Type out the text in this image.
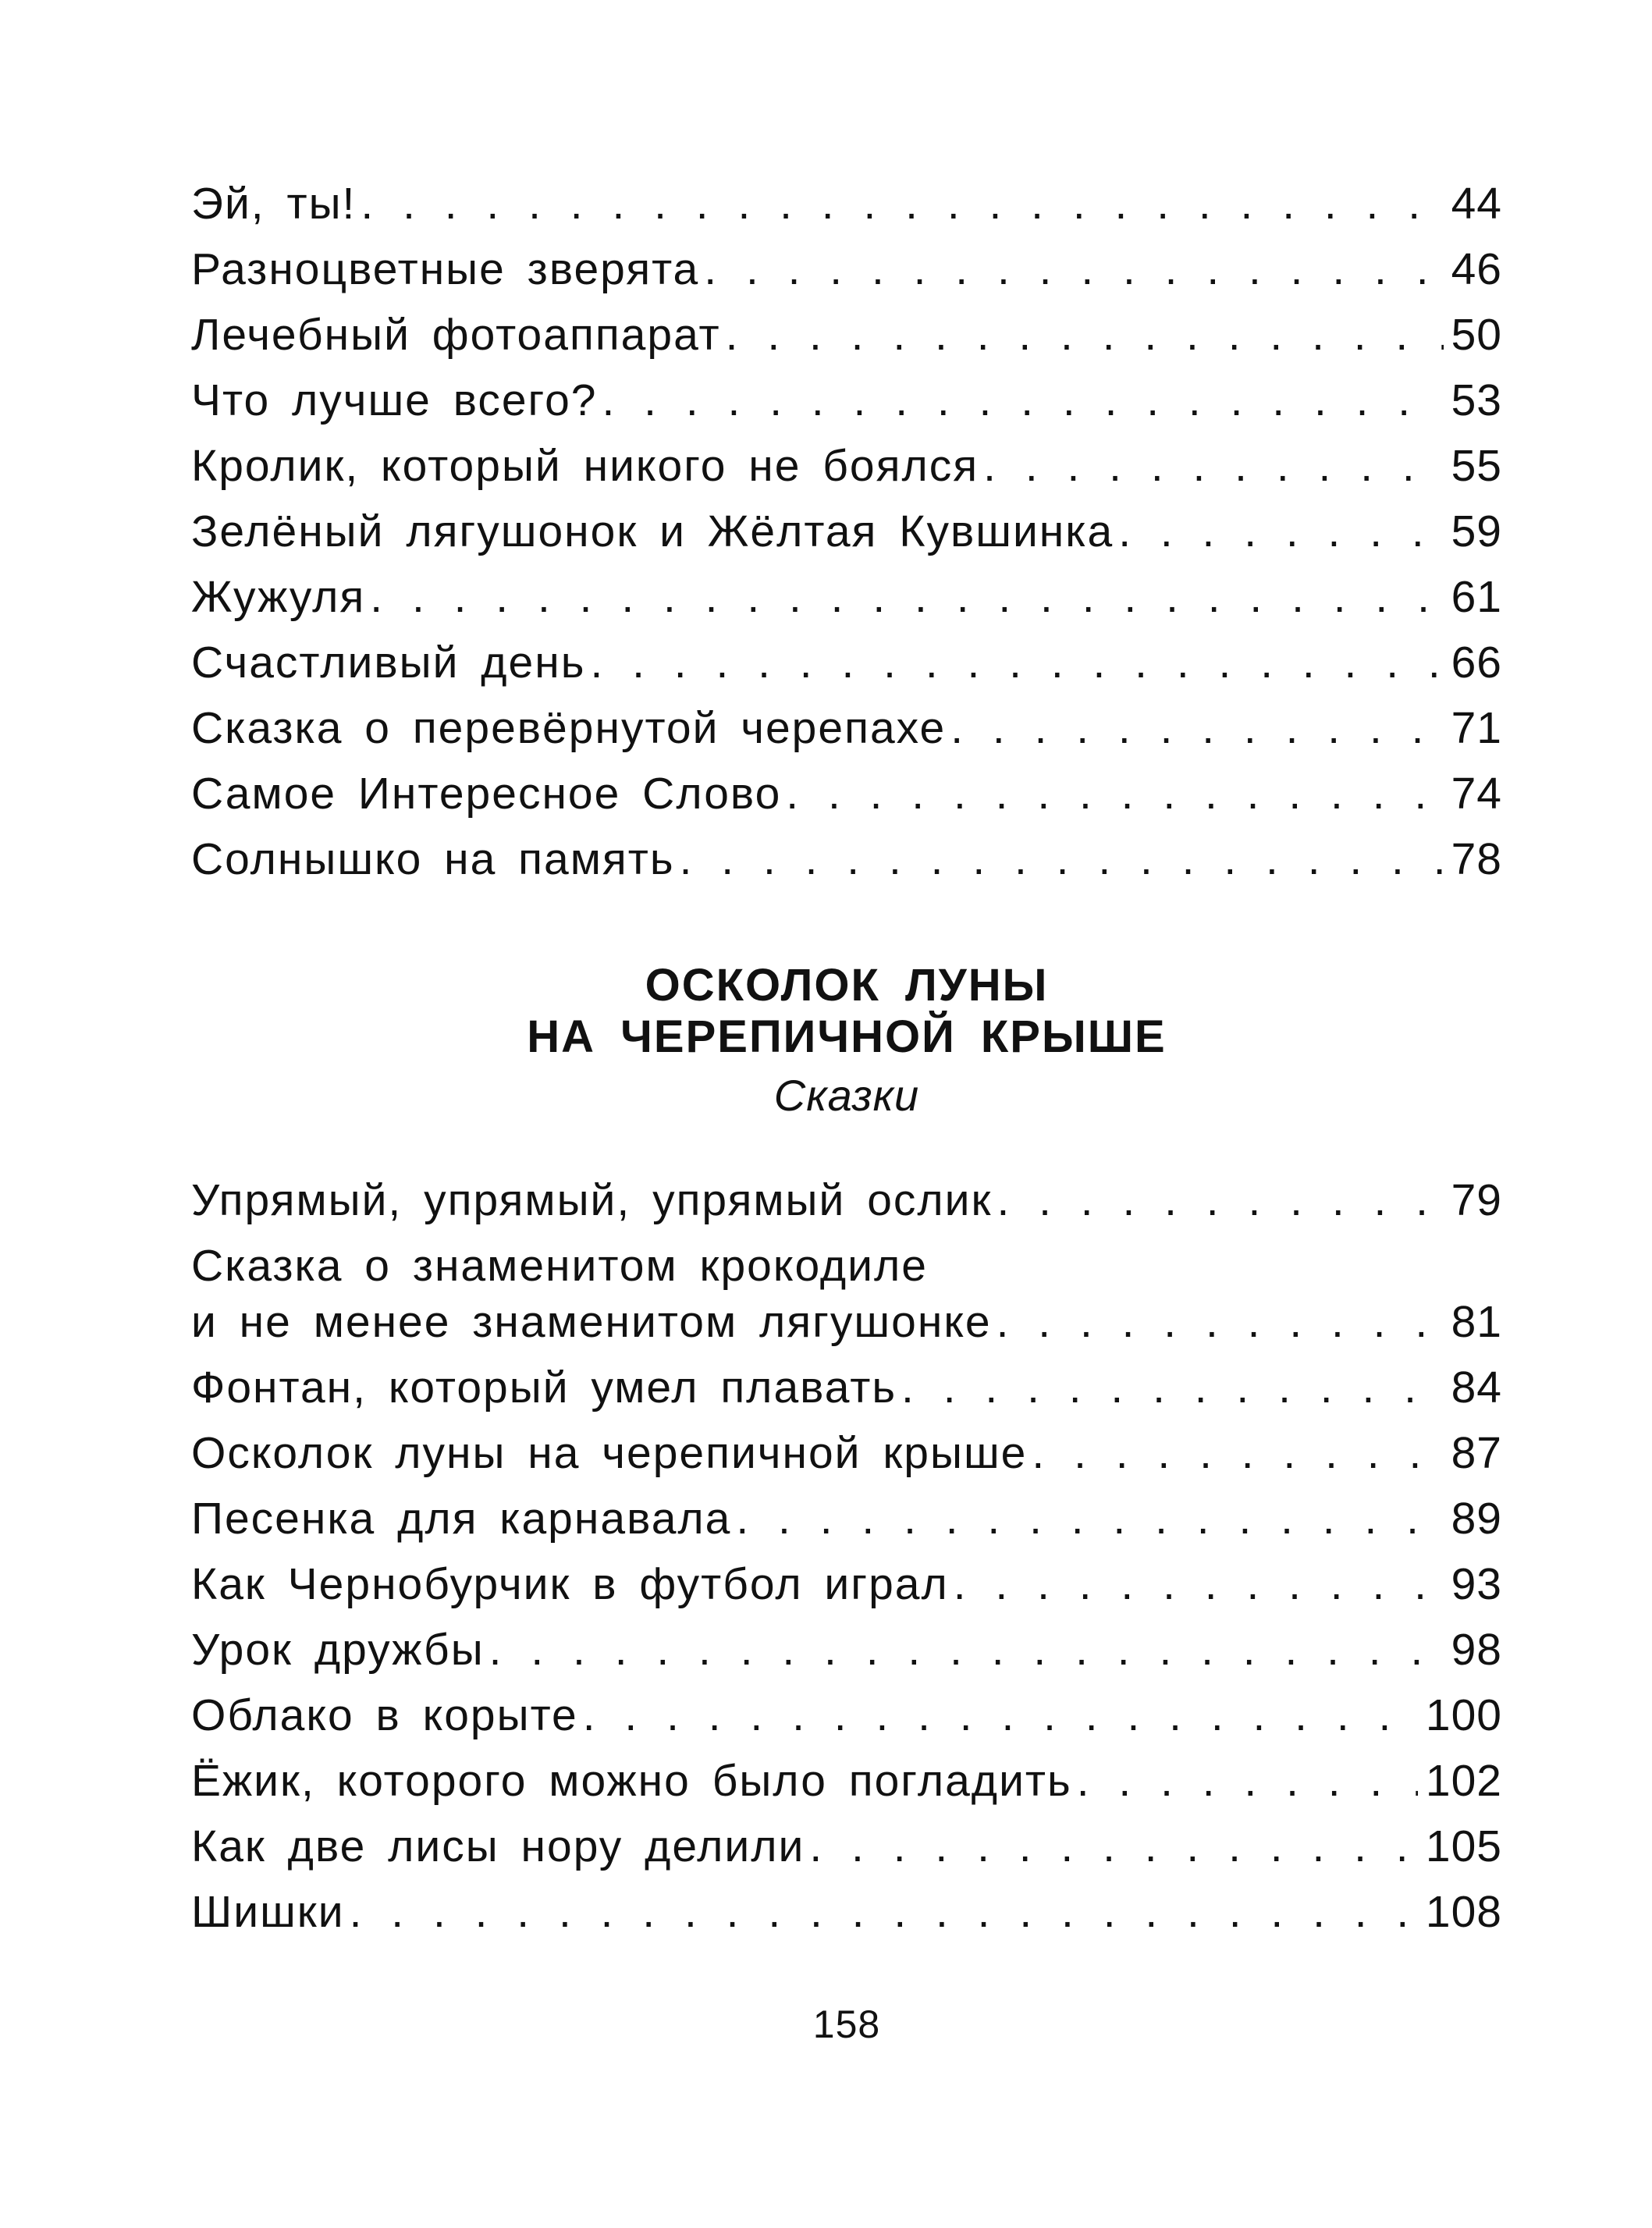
Эй, ты! . . .	44
Разноцветные зверята . . .	46
Лечебный фотоаппарат . . .	50
Что лучше всего? . . .	53
Кролик, который никого не боялся . . .	55
Зелёный лягушонок и Жёлтая Кувшинка . . .	59
Жужуля . . .	61
Счастливый день . . .	66
Сказка о перевёрнутой черепахе . . .	71
Самое Интересное Слово . . .	74
Солнышко на память . . .	78
ОСКОЛОК ЛУНЫ
НА ЧЕРЕПИЧНОЙ КРЫШЕ
Сказки
Упрямый, упрямый, упрямый ослик . . .	79
Сказка о знаменитом крокодиле
и не менее знаменитом лягушонке . . .	81
Фонтан, который умел плавать . . .	84
Осколок луны на черепичной крыше . . .	87
Песенка для карнавала . . .	89
Как Чернобурчик в футбол играл . . .	93
Урок дружбы . . .	98
Облако в корыте . . .	100
Ёжик, которого можно было погладить . . .	102
Как две лисы нору делили . . .	105
Шишки . . .	108
158
